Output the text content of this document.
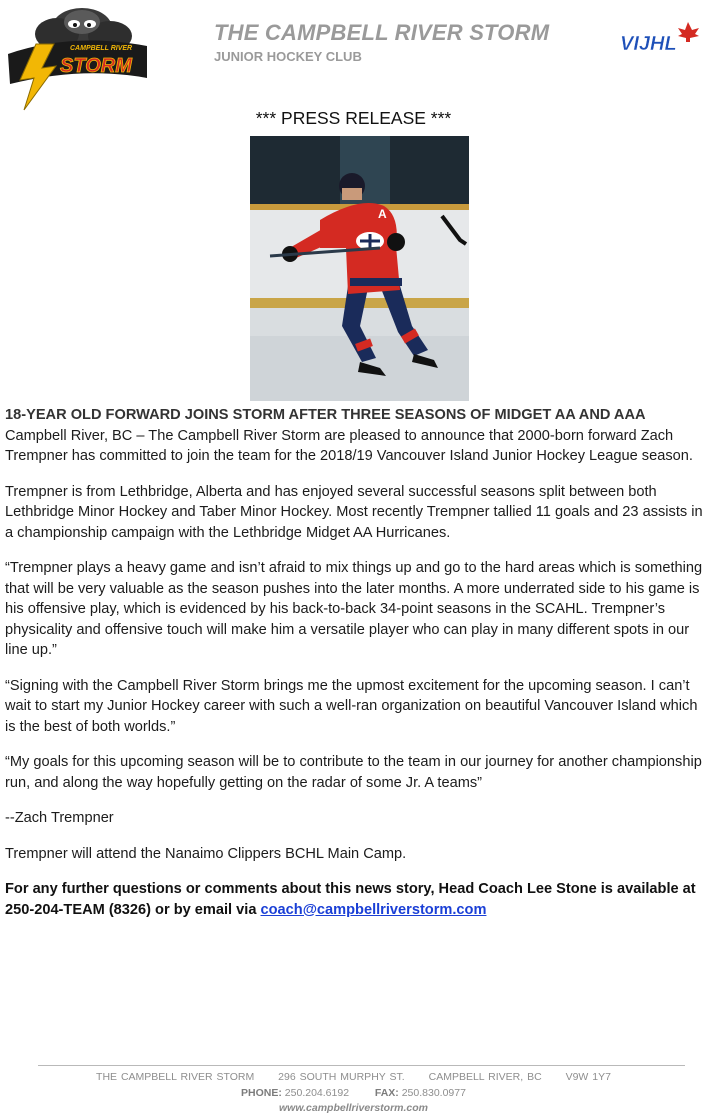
CAMPBELL RIVER
STORM
THE CAMPBELL RIVER STORM
JUNIOR HOCKEY CLUB
VIJHL
*** PRESS RELEASE ***
A
18-YEAR OLD FORWARD JOINS STORM AFTER THREE SEASONS OF MIDGET AA AND AAA

Campbell River, BC – The Campbell River Storm are pleased to announce that 2000-born forward Zach Trempner has committed to join the team for the 2018/19 Vancouver Island Junior Hockey League season.

Trempner is from Lethbridge, Alberta and has enjoyed several successful seasons split between both Lethbridge Minor Hockey and Taber Minor Hockey. Most recently Trempner tallied 11 goals and 23 assists in a championship campaign with the Lethbridge Midget AA Hurricanes.

“Trempner plays a heavy game and isn’t afraid to mix things up and go to the hard areas which is something that will be very valuable as the season pushes into the later months. A more underrated side to his game is his offensive play, which is evidenced by his back-to-back 34-point seasons in the SCAHL. Trempner’s physicality and offensive touch will make him a versatile player who can play in many different spots in our line up.”

“Signing with the Campbell River Storm brings me the upmost excitement for the upcoming season. I can’t wait to start my Junior Hockey career with such a well-ran organization on beautiful Vancouver Island which is the best of both worlds.”

“My goals for this upcoming season will be to contribute to the team in our journey for another championship run, and along the way hopefully getting on the radar of some Jr. A teams”

--Zach Trempner

Trempner will attend the Nanaimo Clippers BCHL Main Camp.

For any further questions or comments about this news story, Head Coach Lee Stone is available at 250-204-TEAM (8326) or by email via coach@campbellriverstorm.com

THE CAMPBELL RIVER STORM 296 SOUTH MURPHY ST. CAMPBELL RIVER, BC V9W 1Y7
PHONE: 250.204.6192 FAX: 250.830.0977
www.campbellriverstorm.com
